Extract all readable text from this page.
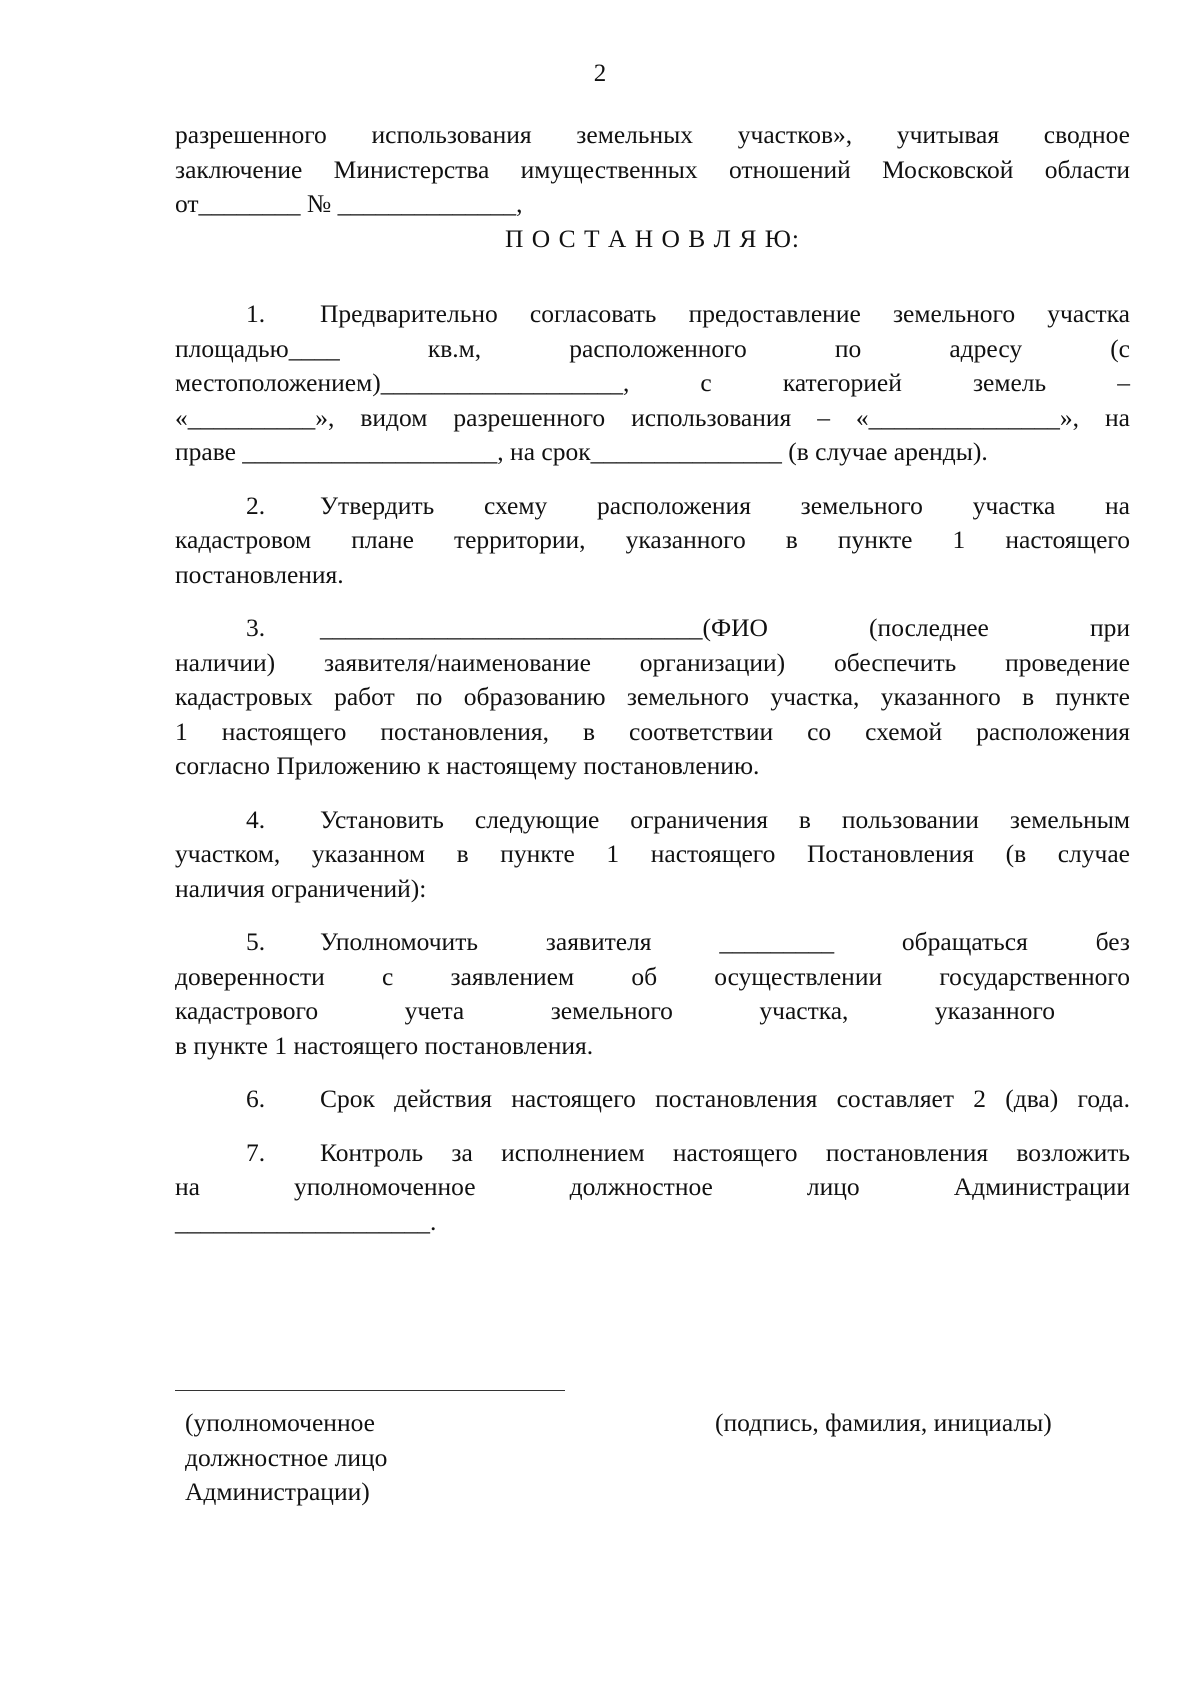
2
разрешенного использования земельных участков», учитывая сводное
заключение Министерства имущественных отношений Московской области
от________ № ______________,

П О С Т А Н О В Л Я Ю:

1. Предварительно согласовать предоставление земельного участка
площадью____ кв.м, расположенного по адресу (с
местоположением)___________________, с категорией земель –
«__________», видом разрешенного использования – «_______________», на
праве ____________________, на срок_______________ (в случае аренды).
2. Утвердить схему расположения земельного участка на
кадастровом плане территории, указанного в пункте 1 настоящего
постановления.
3. ______________________________(ФИО (последнее при
наличии) заявителя/наименование организации) обеспечить проведение
кадастровых работ по образованию земельного участка, указанного в пункте
1 настоящего постановления, в соответствии со схемой расположения
согласно Приложению к настоящему постановлению.
4. Установить следующие ограничения в пользовании земельным
участком, указанном в пункте 1 настоящего Постановления (в случае
наличия ограничений):
5. Уполномочить заявителя _________ обращаться без
доверенности с заявлением об осуществлении государственного
кадастрового учета земельного участка, указанного
в пункте 1 настоящего постановления.
6. Срок действия настоящего постановления составляет 2 (два) года.
7. Контроль за исполнением настоящего постановления возложить
на уполномоченное должностное лицо Администрации
____________________.
(уполномоченное
должностное лицо
Администрации)
(подпись, фамилия, инициалы)
